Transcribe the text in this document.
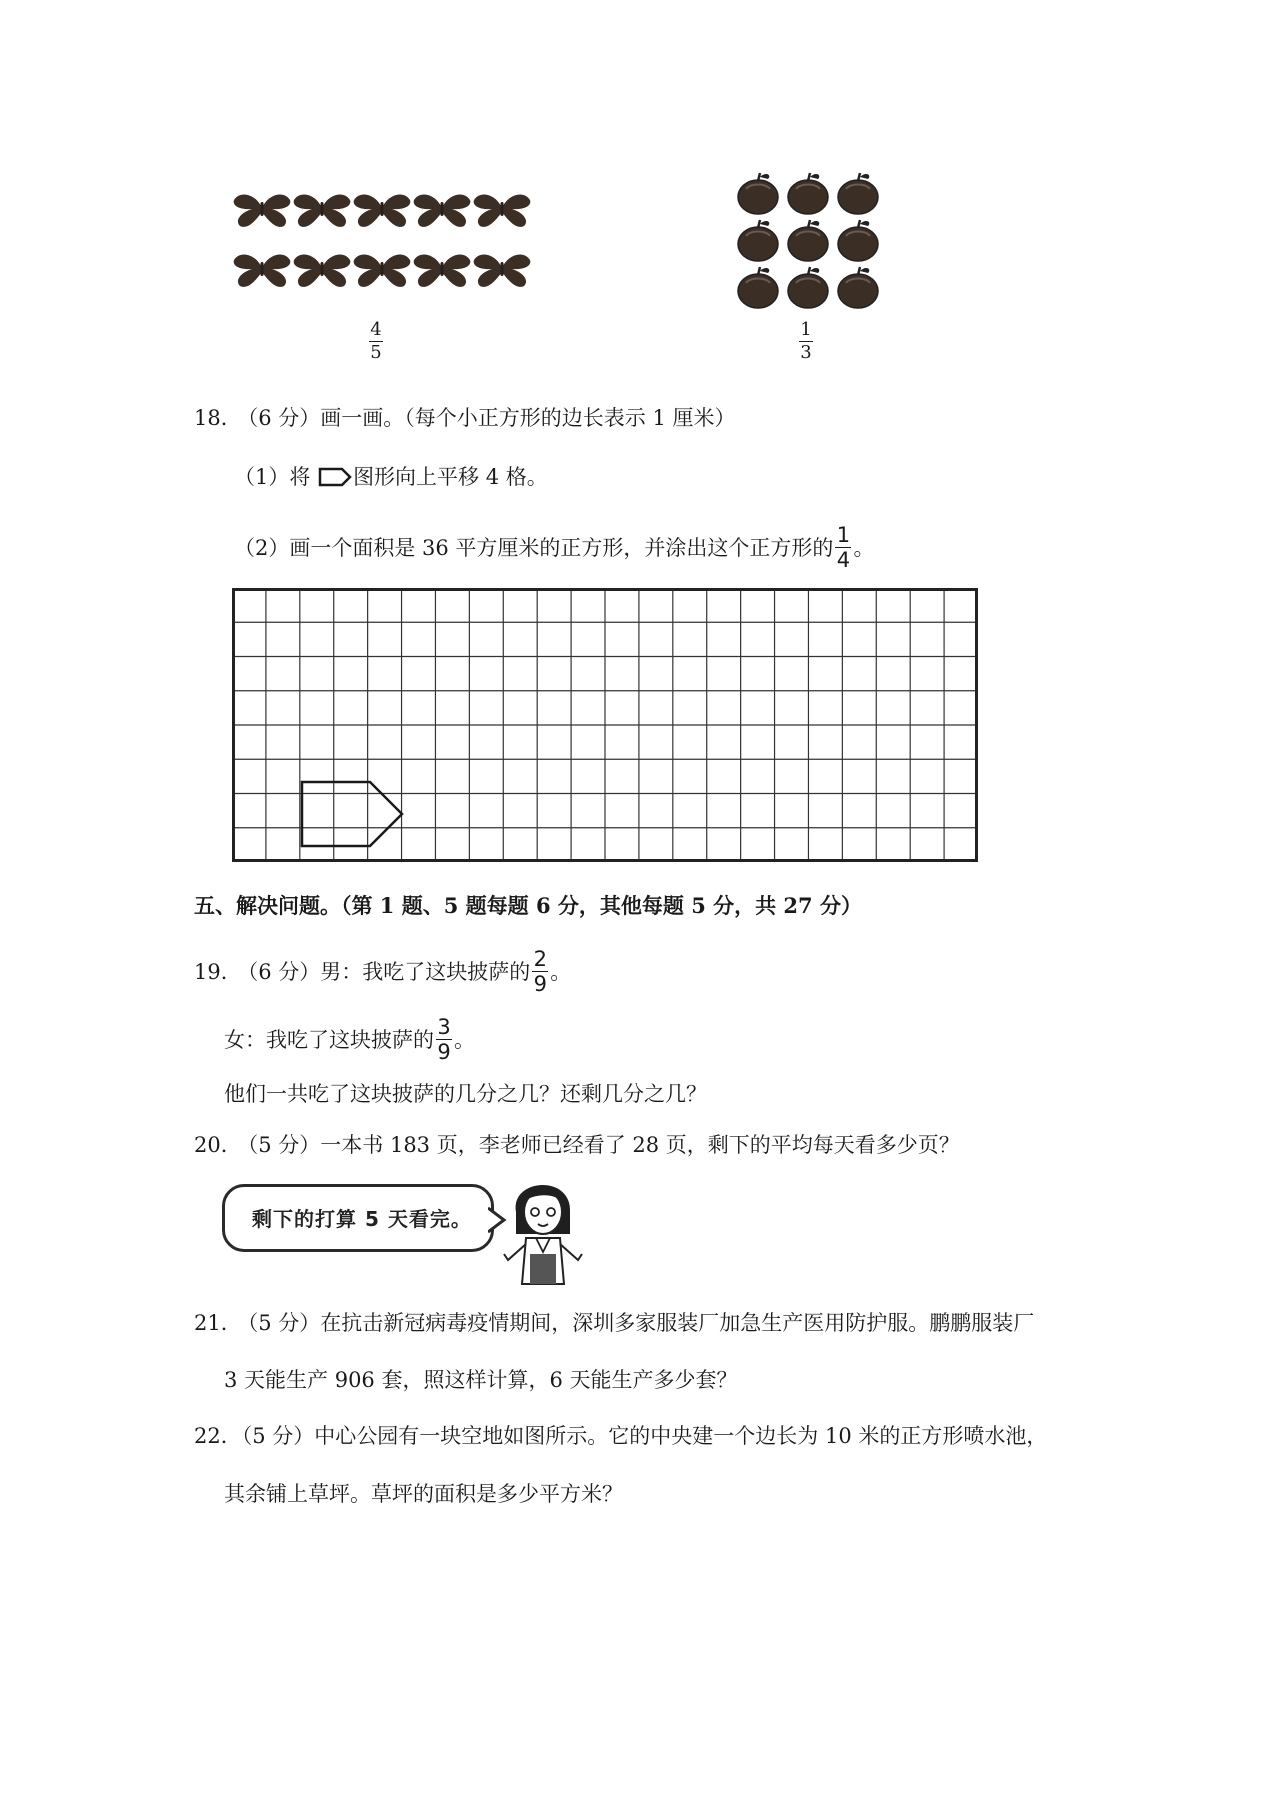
$\frac{4}{5}$	$\frac{1}{3}$
18． （6 分）画一画。（每个小正方形的边长表示 1 厘米）
（1）将 图形向上平移 4 格。
（2）画一个面积是 36 平方厘米的正方形，并涂出这个正方形的 $\frac{1}{4}$ 。
五、解决问题。（第 1 题、5 题每题 6 分，其他每题 5 分，共 27 分）
19． （6 分）男：我吃了这块披萨的 $\frac{2}{9}$ 。
女：我吃了这块披萨的 $\frac{3}{9}$ 。
他们一共吃了这块披萨的几分之几？还剩几分之几？
20． （5 分）一本书 183 页，李老师已经看了 28 页，剩下的平均每天看多少页？
剩下的打算 5 天看完。
21． （5 分）在抗击新冠病毒疫情期间，深圳多家服装厂加急生产医用防护服。鹏鹏服装厂
3 天能生产 906 套，照这样计算，6 天能生产多少套？
22．（5 分）中心公园有一块空地如图所示。它的中央建一个边长为 10 米的正方形喷水池，
其余铺上草坪。草坪的面积是多少平方米？
